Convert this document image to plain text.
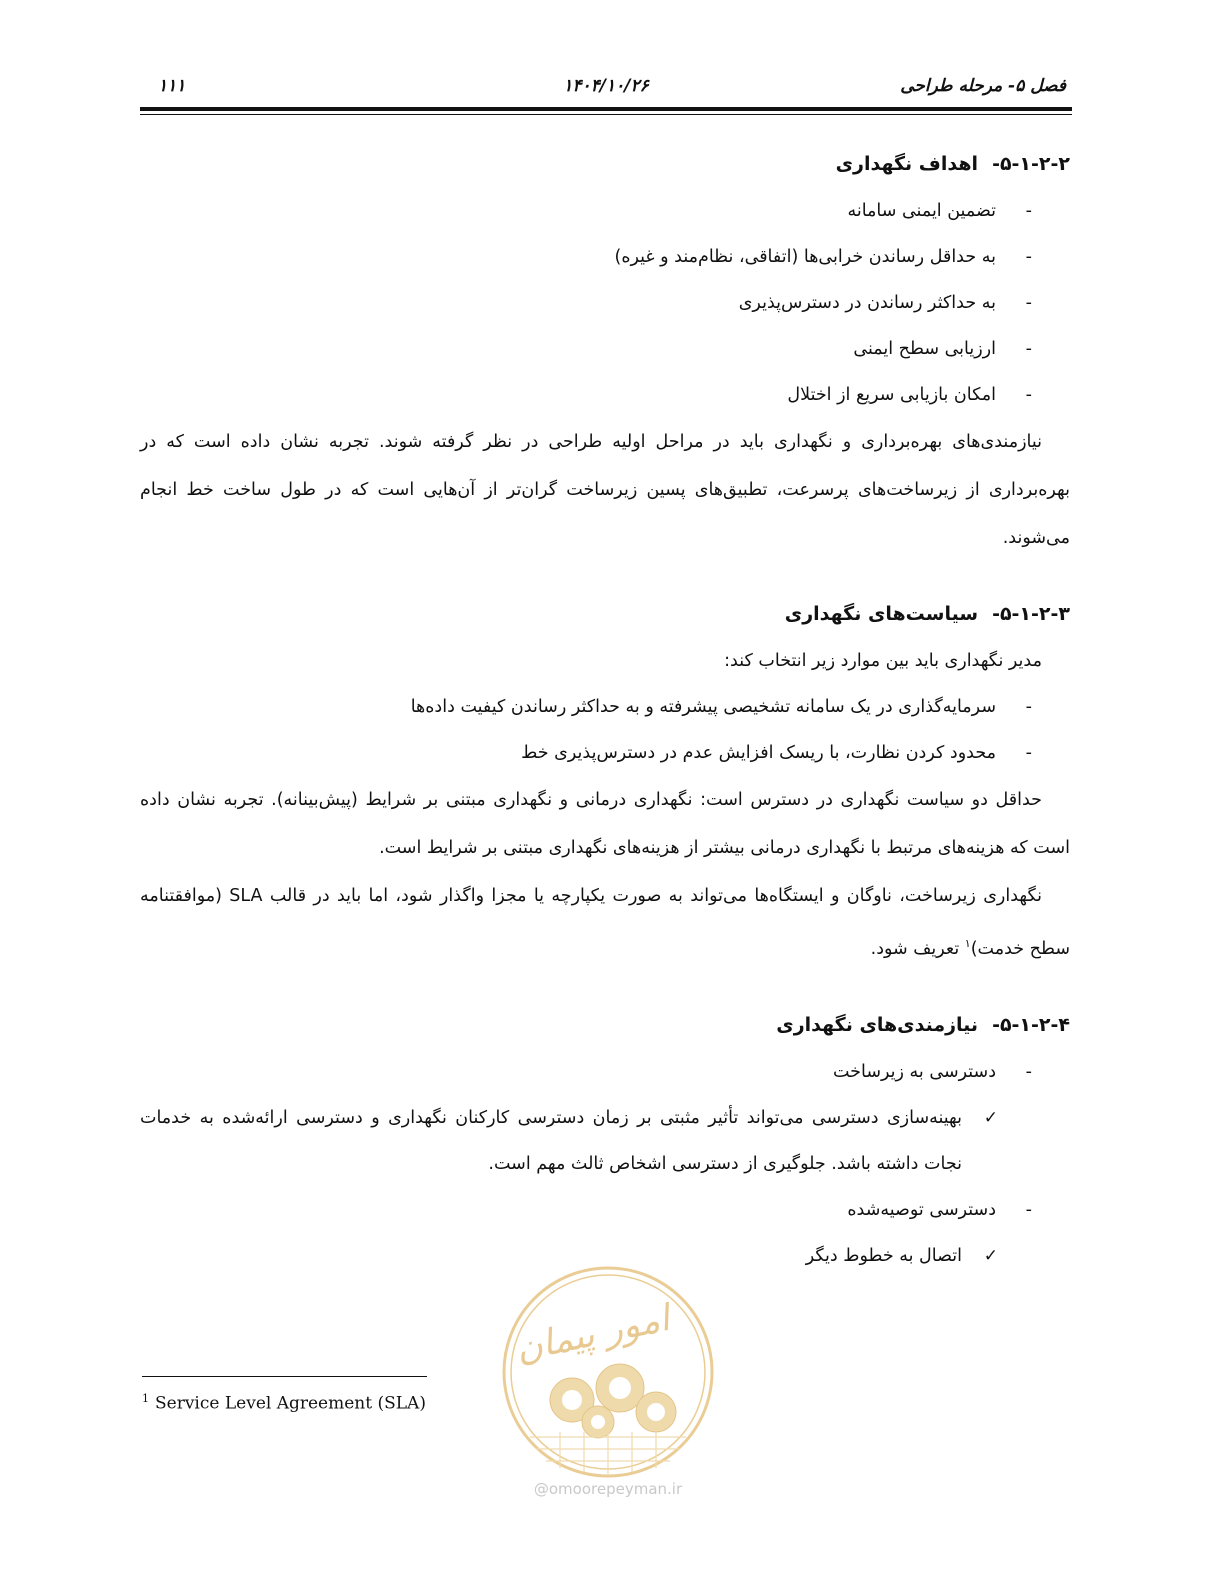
۱۱۱	۱۴۰۴/۱۰/۲۶	فصل ۵- مرحله طراحی
۵-۱-۲-۲-
اهداف نگهداری
-
تضمین ایمنی سامانه
-
به حداقل رساندن خرابی‌ها (اتفاقی، نظام‌مند و غیره)
-
به حداکثر رساندن در دسترس‌پذیری
-
ارزیابی سطح ایمنی
-
امکان بازیابی سریع از اختلال
نیازمندی‌های بهره‌برداری و نگهداری باید در مراحل اولیه طراحی در نظر گرفته شوند. تجربه نشان داده است که در بهره‌برداری از زیرساخت‌های پرسرعت، تطبیق‌های پسین زیرساخت گران‌تر از آن‌هایی است که در طول ساخت خط انجام می‌شوند.
۵-۱-۲-۳-
سیاست‌های نگهداری
مدیر نگهداری باید بین موارد زیر انتخاب کند:
-
سرمایه‌گذاری در یک سامانه تشخیصی پیشرفته و به حداکثر رساندن کیفیت داده‌ها
-
محدود کردن نظارت، با ریسک افزایش عدم در دسترس‌پذیری خط
حداقل دو سیاست نگهداری در دسترس است: نگهداری درمانی و نگهداری مبتنی بر شرایط (پیش‌بینانه). تجربه نشان داده است که هزینه‌های مرتبط با نگهداری درمانی بیشتر از هزینه‌های نگهداری مبتنی بر شرایط است.
نگهداری زیرساخت، ناوگان و ایستگاه‌ها می‌تواند به صورت یکپارچه یا مجزا واگذار شود، اما باید در قالب SLA (موافقتنامه سطح خدمت)$^۱$ تعریف شود.
۵-۱-۲-۴-
نیازمندی‌های نگهداری
-
دسترسی به زیرساخت
✓
بهینه‌سازی دسترسی می‌تواند تأثیر مثبتی بر زمان دسترسی کارکنان نگهداری و دسترسی ارائه‌شده به خدمات نجات داشته باشد. جلوگیری از دسترسی اشخاص ثالث مهم است.
-
دسترسی توصیه‌شده
✓
اتصال به خطوط دیگر
امور پیمان
@omoorepeyman.ir
$^1$ Service Level Agreement (SLA)
